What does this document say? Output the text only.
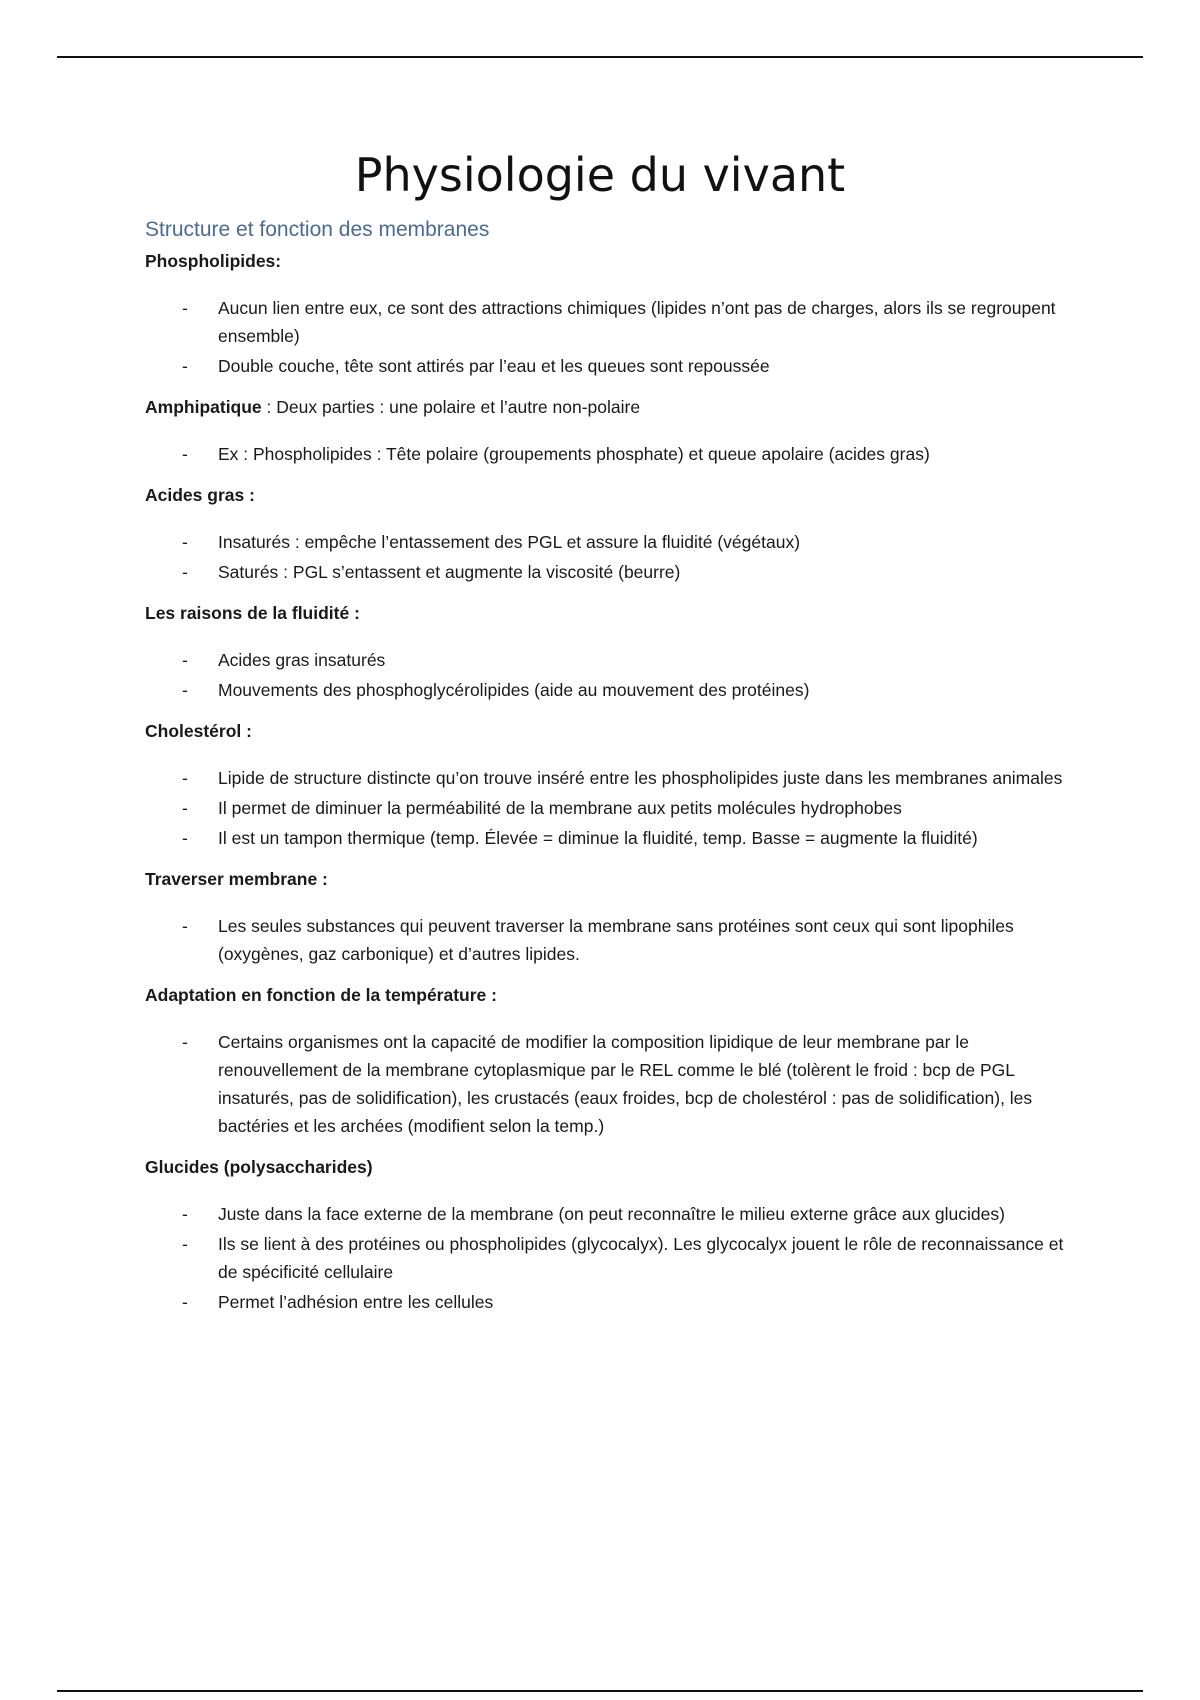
Physiologie du vivant
Structure et fonction des membranes

Phospholipides:

- Aucun lien entre eux, ce sont des attractions chimiques (lipides n’ont pas de charges, alors ils se regroupent ensemble)
- Double couche, tête sont attirés par l’eau et les queues sont repoussée

Amphipatique : Deux parties : une polaire et l’autre non-polaire

- Ex : Phospholipides : Tête polaire (groupements phosphate) et queue apolaire (acides gras)

Acides gras :

- Insaturés : empêche l’entassement des PGL et assure la fluidité (végétaux)
- Saturés : PGL s’entassent et augmente la viscosité (beurre)

Les raisons de la fluidité :

- Acides gras insaturés
- Mouvements des phosphoglycérolipides (aide au mouvement des protéines)

Cholestérol :

- Lipide de structure distincte qu’on trouve inséré entre les phospholipides juste dans les membranes animales
- Il permet de diminuer la perméabilité de la membrane aux petits molécules hydrophobes
- Il est un tampon thermique (temp. Élevée = diminue la fluidité, temp. Basse = augmente la fluidité)

Traverser membrane :

- Les seules substances qui peuvent traverser la membrane sans protéines sont ceux qui sont lipophiles (oxygènes, gaz carbonique) et d’autres lipides.

Adaptation en fonction de la température :

- Certains organismes ont la capacité de modifier la composition lipidique de leur membrane par le renouvellement de la membrane cytoplasmique par le REL comme le blé (tolèrent le froid : bcp de PGL insaturés, pas de solidification), les crustacés (eaux froides, bcp de cholestérol : pas de solidification), les bactéries et les archées (modifient selon la temp.)

Glucides (polysaccharides)

- Juste dans la face externe de la membrane (on peut reconnaître le milieu externe grâce aux glucides)
- Ils se lient à des protéines ou phospholipides (glycocalyx). Les glycocalyx jouent le rôle de reconnaissance et de spécificité cellulaire
- Permet l’adhésion entre les cellules
